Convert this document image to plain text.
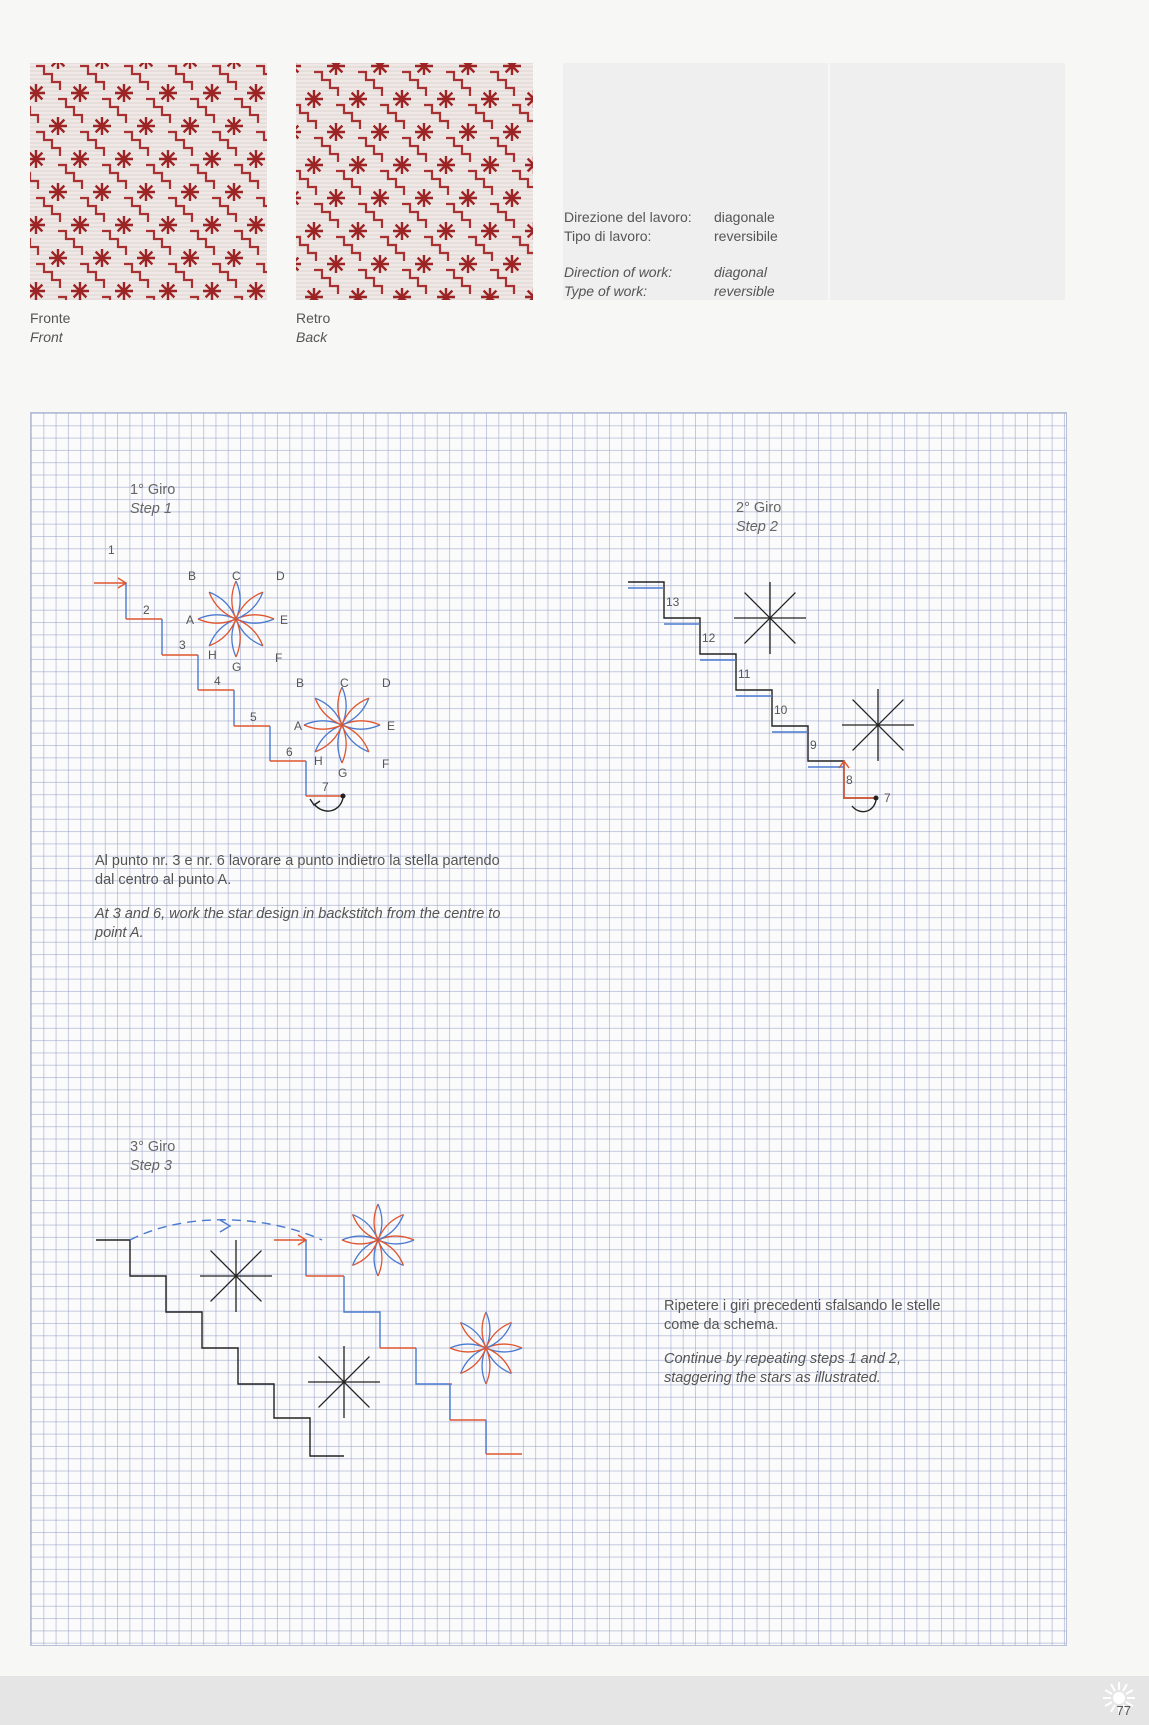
Fronte
Front
Retro
Back
Direzione del lavoro:	diagonale
Tipo di lavoro:	reversibile
Direction of work:	diagonal
Type of work:	reversible
1° Giro
Step 1	2° Giro
Step 2
3° Giro
Step 3
1
2
3
4
5
6
7
B	C	D
A	E
H
G
F
B	C	D
A	E
H
G
F

Al punto nr. 3 e nr. 6 lavorare a punto indietro la stella partendo dal centro al punto A.

At 3 and 6, work the star design in backstitch from the centre to point A.

13
12
11
10
9
8
7

Ripetere i giri precedenti sfalsando le stelle come da schema.

Continue by repeating steps 1 and 2, staggering the stars as illustrated.

77
